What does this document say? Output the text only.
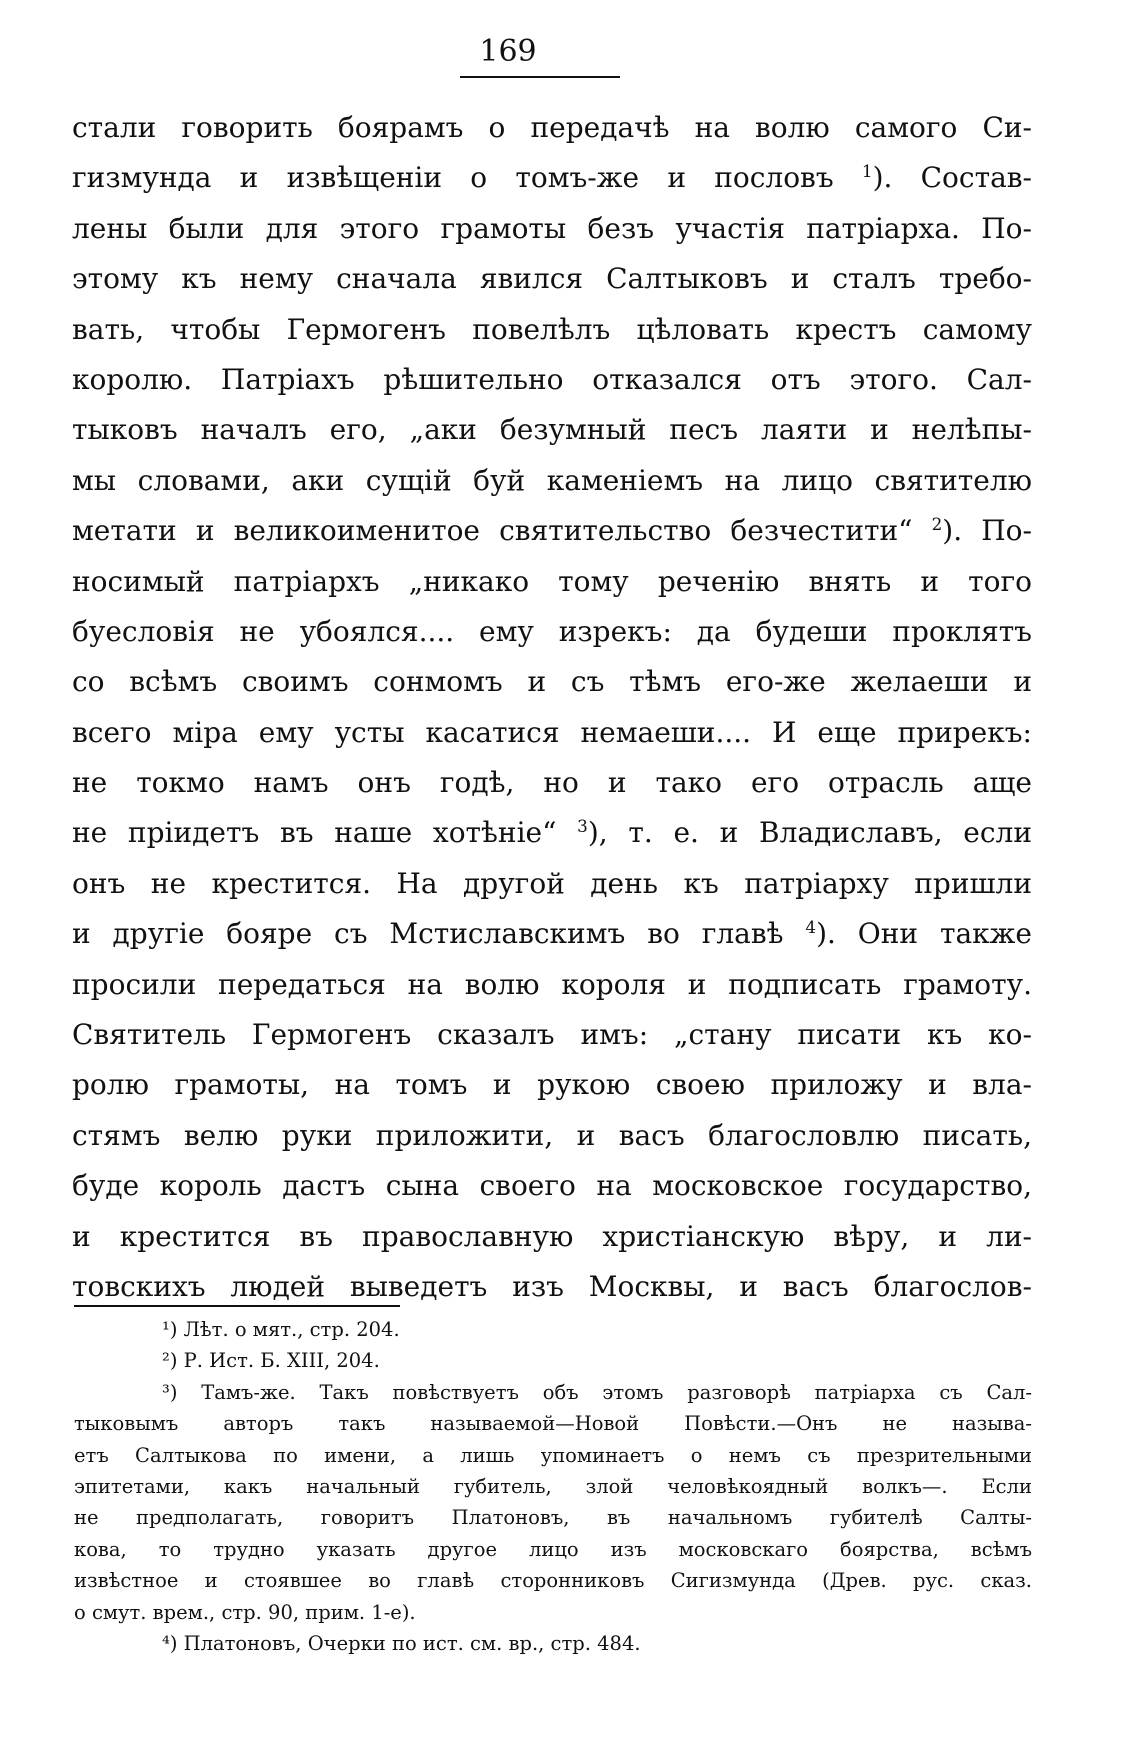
169
стали говорить боярамъ о передачѣ на волю самого Си-
гизмунда и извѣщеніи о томъ-же и пословъ $^1$). Состав-
лены были для этого грамоты безъ участія патріарха. По-
этому къ нему сначала явился Салтыковъ и сталъ требо-
вать, чтобы Гермогенъ повелѣлъ цѣловать крестъ самому
королю. Патріахъ рѣшительно отказался отъ этого. Сал-
тыковъ началъ его, „аки безумный песъ лаяти и нелѣпы-
мы словами, аки сущій буй каменіемъ на лицо святителю
метати и великоименитое святительство безчестити“ $^2$). По-
носимый патріархъ „никако тому реченію внять и того
буесловія не убоялся.... ему изрекъ: да будеши проклятъ
со всѣмъ своимъ сонмомъ и съ тѣмъ его-же желаеши и
всего міра ему усты касатися немаеши.... И еще прирекъ:
не токмо намъ онъ годѣ, но и тако его отрасль аще
не пріидетъ въ наше хотѣніе“ $^3$), т. е. и Владиславъ, если
онъ не крестится. На другой день къ патріарху пришли
и другіе бояре съ Мстиславскимъ во главѣ $^4$). Они также
просили передаться на волю короля и подписать грамоту.
Святитель Гермогенъ сказалъ имъ: „стану писати къ ко-
ролю грамоты, на томъ и рукою своею приложу и вла-
стямъ велю руки приложити, и васъ благословлю писать,
буде король дастъ сына своего на московское государство,
и крестится въ православную христіанскую вѣру, и ли-
товскихъ людей выведетъ изъ Москвы, и васъ благослов-
¹) Лѣт. о мят., стр. 204.
²) Р. Ист. Б. XIII, 204.
³) Тамъ-же. Такъ повѣствуетъ объ этомъ разговорѣ патріарха съ Сал-
тыковымъ авторъ такъ называемой—Новой Повѣсти.—Онъ не называ-
етъ Салтыкова по имени, а лишь упоминаетъ о немъ съ презрительными
эпитетами, какъ начальный губитель, злой человѣкоядный волкъ—. Если
не предполагать, говоритъ Платоновъ, въ начальномъ губителѣ Салты-
кова, то трудно указать другое лицо изъ московскаго боярства, всѣмъ
извѣстное и стоявшее во главѣ сторонниковъ Сигизмунда (Древ. рус. сказ.
о смут. врем., стр. 90, прим. 1-е).
⁴) Платоновъ, Очерки по ист. см. вр., стр. 484.
